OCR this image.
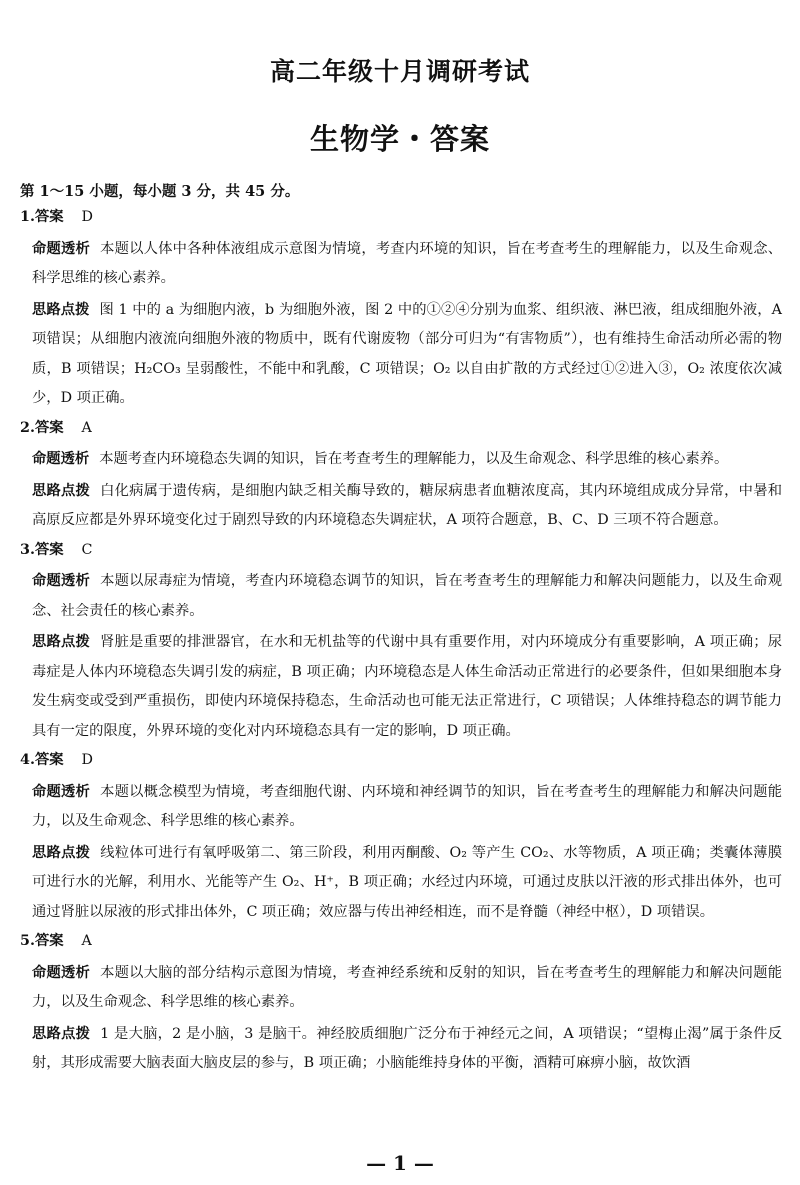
高二年级十月调研考试
生物学・答案
第 1～15 小题，每小题 3 分，共 45 分。
1.答案 D
命题透析 本题以人体中各种体液组成示意图为情境，考查内环境的知识，旨在考查考生的理解能力，以及生命观念、科学思维的核心素养。
思路点拨 图 1 中的 a 为细胞内液，b 为细胞外液，图 2 中的①②④分别为血浆、组织液、淋巴液，组成细胞外液，A 项错误；从细胞内液流向细胞外液的物质中，既有代谢废物（部分可归为“有害物质”），也有维持生命活动所必需的物质，B 项错误；H₂CO₃ 呈弱酸性，不能中和乳酸，C 项错误；O₂ 以自由扩散的方式经过①②进入③，O₂ 浓度依次减少，D 项正确。
2.答案 A
命题透析 本题考查内环境稳态失调的知识，旨在考查考生的理解能力，以及生命观念、科学思维的核心素养。
思路点拨 白化病属于遗传病，是细胞内缺乏相关酶导致的，糖尿病患者血糖浓度高，其内环境组成成分异常，中暑和高原反应都是外界环境变化过于剧烈导致的内环境稳态失调症状，A 项符合题意，B、C、D 三项不符合题意。
3.答案 C
命题透析 本题以尿毒症为情境，考查内环境稳态调节的知识，旨在考查考生的理解能力和解决问题能力，以及生命观念、社会责任的核心素养。
思路点拨 肾脏是重要的排泄器官，在水和无机盐等的代谢中具有重要作用，对内环境成分有重要影响，A 项正确；尿毒症是人体内环境稳态失调引发的病症，B 项正确；内环境稳态是人体生命活动正常进行的必要条件，但如果细胞本身发生病变或受到严重损伤，即使内环境保持稳态，生命活动也可能无法正常进行，C 项错误；人体维持稳态的调节能力具有一定的限度，外界环境的变化对内环境稳态具有一定的影响，D 项正确。
4.答案 D
命题透析 本题以概念模型为情境，考查细胞代谢、内环境和神经调节的知识，旨在考查考生的理解能力和解决问题能力，以及生命观念、科学思维的核心素养。
思路点拨 线粒体可进行有氧呼吸第二、第三阶段，利用丙酮酸、O₂ 等产生 CO₂、水等物质，A 项正确；类囊体薄膜可进行水的光解，利用水、光能等产生 O₂、H⁺，B 项正确；水经过内环境，可通过皮肤以汗液的形式排出体外，也可通过肾脏以尿液的形式排出体外，C 项正确；效应器与传出神经相连，而不是脊髓（神经中枢），D 项错误。
5.答案 A
命题透析 本题以大脑的部分结构示意图为情境，考查神经系统和反射的知识，旨在考查考生的理解能力和解决问题能力，以及生命观念、科学思维的核心素养。
思路点拨 1 是大脑，2 是小脑，3 是脑干。神经胶质细胞广泛分布于神经元之间，A 项错误；“望梅止渴”属于条件反射，其形成需要大脑表面大脑皮层的参与，B 项正确；小脑能维持身体的平衡，酒精可麻痹小脑，故饮酒
— 1 —
